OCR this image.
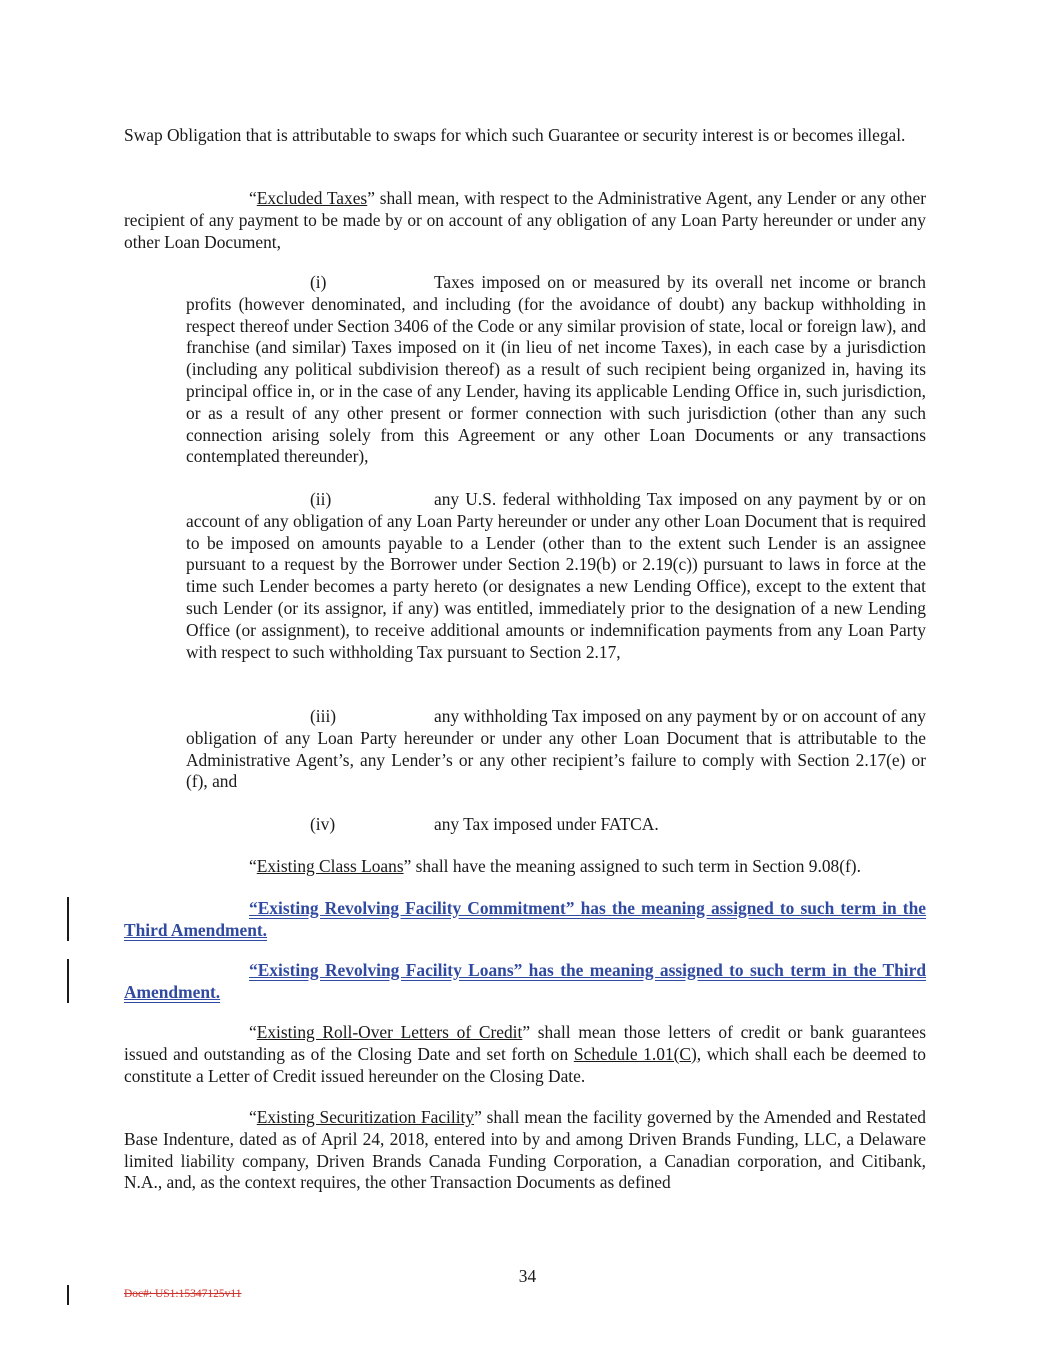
Swap Obligation that is attributable to swaps for which such Guarantee or security interest is or becomes illegal.

“Excluded Taxes” shall mean, with respect to the Administrative Agent, any Lender or any other recipient of any payment to be made by or on account of any obligation of any Loan Party hereunder or under any other Loan Document,

(i)	Taxes imposed on or measured by its overall net income or branch profits (however denominated, and including (for the avoidance of doubt) any backup withholding in respect thereof under Section 3406 of the Code or any similar provision of state, local or foreign law), and franchise (and similar) Taxes imposed on it (in lieu of net income Taxes), in each case by a jurisdiction (including any political subdivision thereof) as a result of such recipient being organized in, having its principal office in, or in the case of any Lender, having its applicable Lending Office in, such jurisdiction, or as a result of any other present or former connection with such jurisdiction (other than any such connection arising solely from this Agreement or any other Loan Documents or any transactions contemplated thereunder),

(ii)	any U.S. federal withholding Tax imposed on any payment by or on account of any obligation of any Loan Party hereunder or under any other Loan Document that is required to be imposed on amounts payable to a Lender (other than to the extent such Lender is an assignee pursuant to a request by the Borrower under Section 2.19(b) or 2.19(c)) pursuant to laws in force at the time such Lender becomes a party hereto (or designates a new Lending Office), except to the extent that such Lender (or its assignor, if any) was entitled, immediately prior to the designation of a new Lending Office (or assignment), to receive additional amounts or indemnification payments from any Loan Party with respect to such withholding Tax pursuant to Section 2.17,

(iii)	any withholding Tax imposed on any payment by or on account of any obligation of any Loan Party hereunder or under any other Loan Document that is attributable to the Administrative Agent’s, any Lender’s or any other recipient’s failure to comply with Section 2.17(e) or (f), and

(iv)	any Tax imposed under FATCA.

“Existing Class Loans” shall have the meaning assigned to such term in Section 9.08(f).

“Existing Revolving Facility Commitment” has the meaning assigned to such term in the Third Amendment.

“Existing Revolving Facility Loans” has the meaning assigned to such term in the Third Amendment.

“Existing Roll-Over Letters of Credit” shall mean those letters of credit or bank guarantees issued and outstanding as of the Closing Date and set forth on Schedule 1.01(C), which shall each be deemed to constitute a Letter of Credit issued hereunder on the Closing Date.

“Existing Securitization Facility” shall mean the facility governed by the Amended and Restated Base Indenture, dated as of April 24, 2018, entered into by and among Driven Brands Funding, LLC, a Delaware limited liability company, Driven Brands Canada Funding Corporation, a Canadian corporation, and Citibank, N.A., and, as the context requires, the other Transaction Documents as defined

34
Doc#: US1:15347125v11
